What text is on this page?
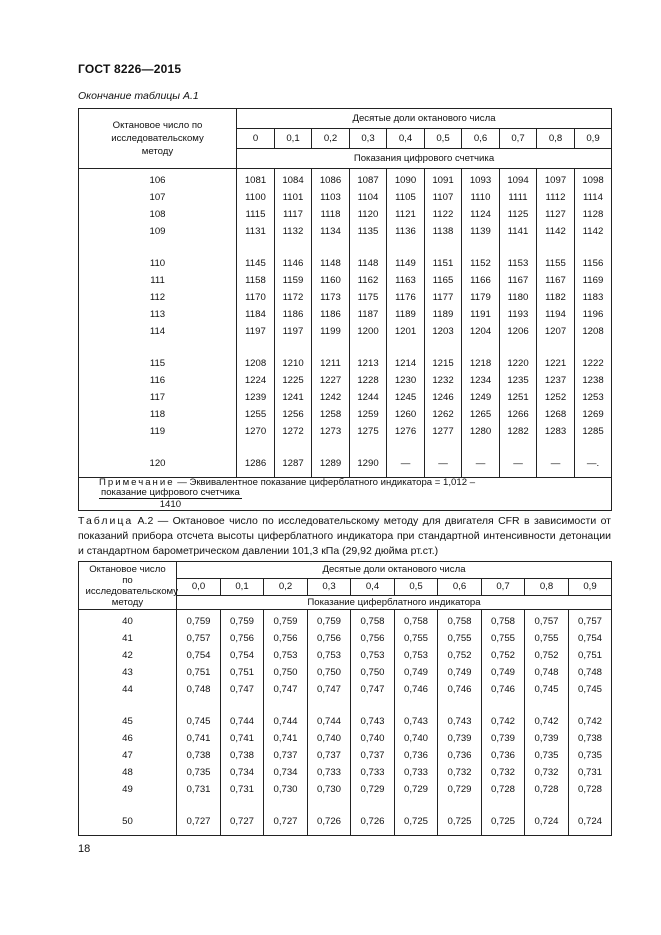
ГОСТ 8226—2015
Окончание таблицы А.1
Октановое число по исследовательскому методу	Десятые доли октанового числа									
	0	0,1	0,2	0,3	0,4	0,5	0,6	0,7	0,8	0,9
	Показания цифрового счетчика									

106	1081	1084	1086	1087	1090	1091	1093	1094	1097	1098
107	1100	1101	1103	1104	1105	1107	1110	1111	1112	1114
108	1115	1117	1118	1120	1121	1122	1124	1125	1127	1128
109	1131	1132	1134	1135	1136	1138	1139	1141	1142	1142

110	1145	1146	1148	1148	1149	1151	1152	1153	1155	1156
111	1158	1159	1160	1162	1163	1165	1166	1167	1167	1169
112	1170	1172	1173	1175	1176	1177	1179	1180	1182	1183
113	1184	1186	1186	1187	1189	1189	1191	1193	1194	1196
114	1197	1197	1199	1200	1201	1203	1204	1206	1207	1208

115	1208	1210	1211	1213	1214	1215	1218	1220	1221	1222
116	1224	1225	1227	1228	1230	1232	1234	1235	1237	1238
117	1239	1241	1242	1244	1245	1246	1249	1251	1252	1253
118	1255	1256	1258	1259	1260	1262	1265	1266	1268	1269
119	1270	1272	1273	1275	1276	1277	1280	1282	1283	1285

120	1286	1287	1289	1290	—	—	—	—	—	—.

Примечание — Эквивалентное показание циферблатного индикатора = 1,012 –
$\frac{\text{показание цифрового счетчика}}{1410}$
Таблица А.2 — Октановое число по исследовательскому методу для двигателя CFR в зависимости от показаний прибора отсчета высоты циферблатного индикатора при стандартной интенсивности детонации и стандартном барометрическом давлении 101,3 кПа (29,92 дюйма рт.ст.)
Октановое число по исследовательскому методу	Десятые доли октанового числа									
	0,0	0,1	0,2	0,3	0,4	0,5	0,6	0,7	0,8	0,9
	Показание циферблатного индикатора									

40	0,759	0,759	0,759	0,759	0,758	0,758	0,758	0,758	0,757	0,757
41	0,757	0,756	0,756	0,756	0,756	0,755	0,755	0,755	0,755	0,754
42	0,754	0,754	0,753	0,753	0,753	0,753	0,752	0,752	0,752	0,751
43	0,751	0,751	0,750	0,750	0,750	0,749	0,749	0,749	0,748	0,748
44	0,748	0,747	0,747	0,747	0,747	0,746	0,746	0,746	0,745	0,745

45	0,745	0,744	0,744	0,744	0,743	0,743	0,743	0,742	0,742	0,742
46	0,741	0,741	0,741	0,740	0,740	0,740	0,739	0,739	0,739	0,738
47	0,738	0,738	0,737	0,737	0,737	0,736	0,736	0,736	0,735	0,735
48	0,735	0,734	0,734	0,733	0,733	0,733	0,732	0,732	0,732	0,731
49	0,731	0,731	0,730	0,730	0,729	0,729	0,729	0,728	0,728	0,728

50	0,727	0,727	0,727	0,726	0,726	0,725	0,725	0,725	0,724	0,724

18
